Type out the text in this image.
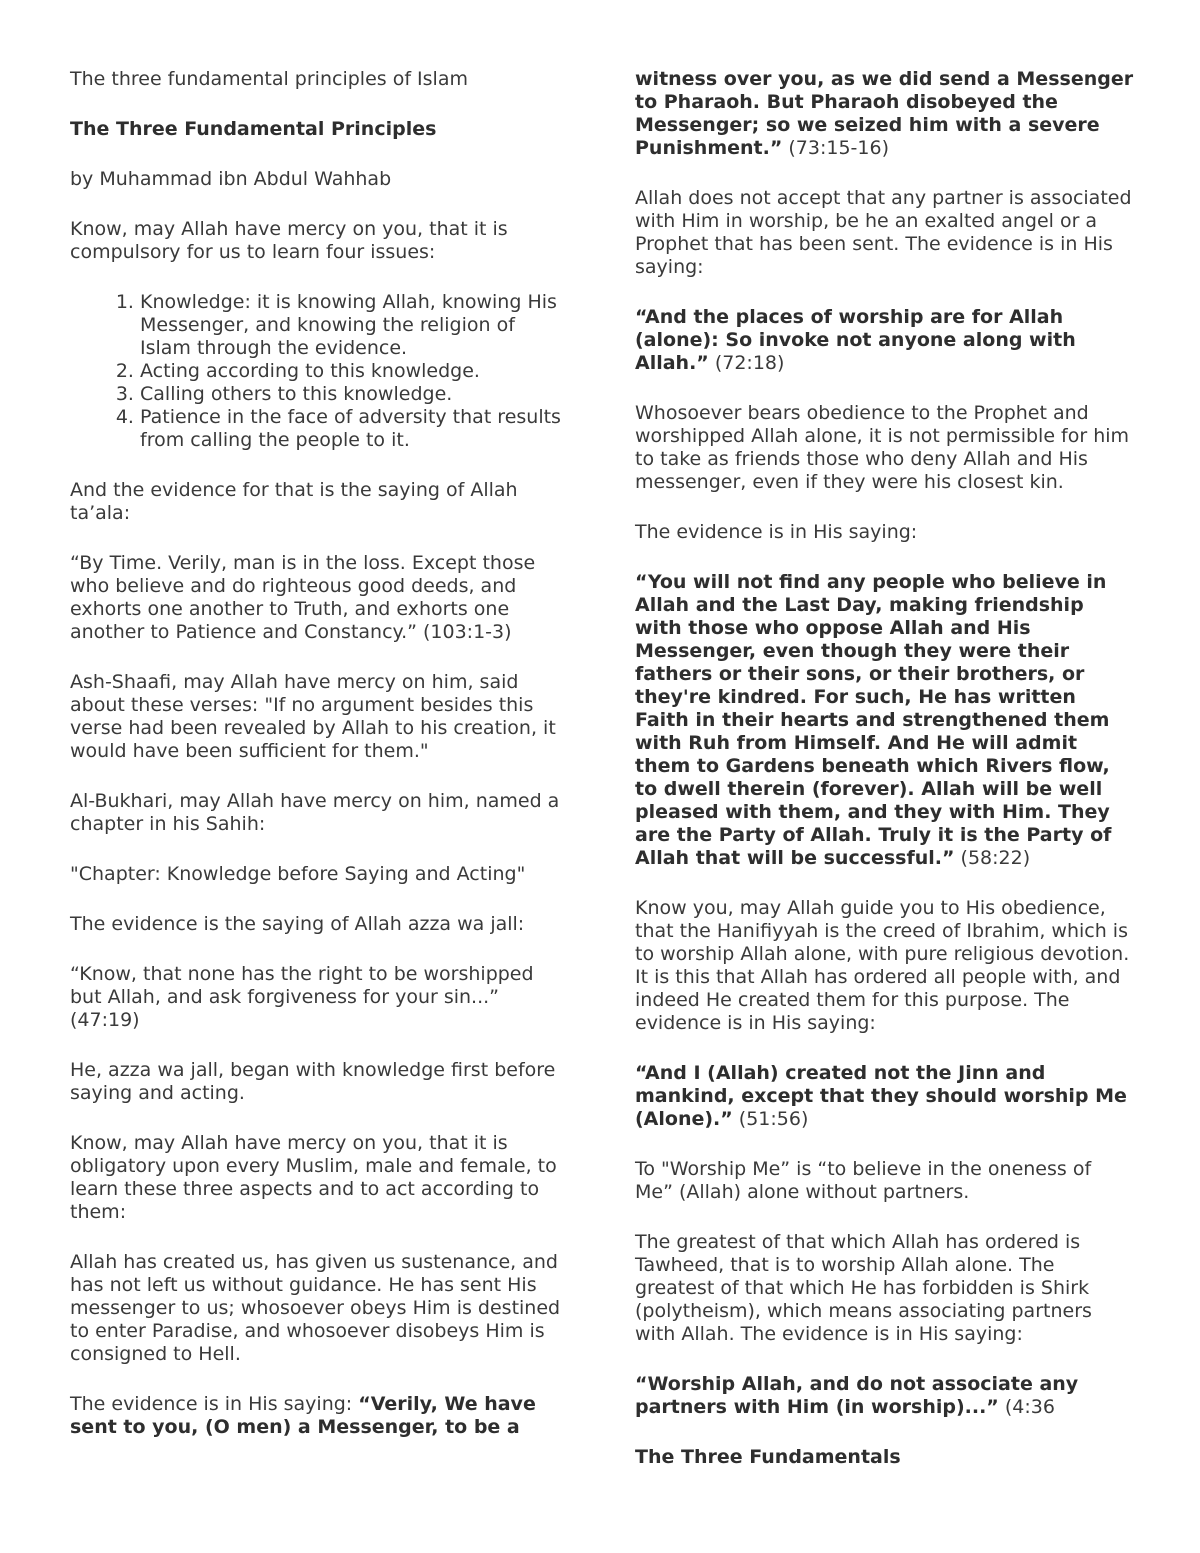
The three fundamental principles of Islam

The Three Fundamental Principles

by Muhammad ibn Abdul Wahhab

Know, may Allah have mercy on you, that it is compulsory for us to learn four issues:

1. Knowledge: it is knowing Allah, knowing His Messenger, and knowing the religion of Islam through the evidence.
2. Acting according to this knowledge.
3. Calling others to this knowledge.
4. Patience in the face of adversity that results from calling the people to it.

And the evidence for that is the saying of Allah ta’ala:

“By Time. Verily, man is in the loss. Except those who believe and do righteous good deeds, and exhorts one another to Truth, and exhorts one another to Patience and Constancy.” (103:1-3)

Ash-Shaafi, may Allah have mercy on him, said about these verses: "If no argument besides this verse had been revealed by Allah to his creation, it would have been sufficient for them."

Al-Bukhari, may Allah have mercy on him, named a chapter in his Sahih:

"Chapter: Knowledge before Saying and Acting"

The evidence is the saying of Allah azza wa jall:

“Know, that none has the right to be worshipped but Allah, and ask forgiveness for your sin...” (47:19)

He, azza wa jall, began with knowledge first before saying and acting.

Know, may Allah have mercy on you, that it is obligatory upon every Muslim, male and female, to learn these three aspects and to act according to them:

Allah has created us, has given us sustenance, and has not left us without guidance. He has sent His messenger to us; whosoever obeys Him is destined to enter Paradise, and whosoever disobeys Him is consigned to Hell.

The evidence is in His saying: “Verily, We have sent to you, (O men) a Messenger, to be a

witness over you, as we did send a Messenger to Pharaoh. But Pharaoh disobeyed the Messenger; so we seized him with a severe Punishment.” (73:15-16)

Allah does not accept that any partner is associated with Him in worship, be he an exalted angel or a Prophet that has been sent. The evidence is in His saying:

“And the places of worship are for Allah (alone): So invoke not anyone along with Allah.” (72:18)

Whosoever bears obedience to the Prophet and worshipped Allah alone, it is not permissible for him to take as friends those who deny Allah and His messenger, even if they were his closest kin.

The evidence is in His saying:

“You will not find any people who believe in Allah and the Last Day, making friendship with those who oppose Allah and His Messenger, even though they were their fathers or their sons, or their brothers, or they're kindred. For such, He has written Faith in their hearts and strengthened them with Ruh from Himself. And He will admit them to Gardens beneath which Rivers flow, to dwell therein (forever). Allah will be well pleased with them, and they with Him. They are the Party of Allah. Truly it is the Party of Allah that will be successful.” (58:22)

Know you, may Allah guide you to His obedience, that the Hanifiyyah is the creed of Ibrahim, which is to worship Allah alone, with pure religious devotion. It is this that Allah has ordered all people with, and indeed He created them for this purpose. The evidence is in His saying:

“And I (Allah) created not the Jinn and mankind, except that they should worship Me (Alone).” (51:56)

To "Worship Me” is “to believe in the oneness of Me” (Allah) alone without partners.

The greatest of that which Allah has ordered is Tawheed, that is to worship Allah alone. The greatest of that which He has forbidden is Shirk (polytheism), which means associating partners with Allah. The evidence is in His saying:

“Worship Allah, and do not associate any partners with Him (in worship)...” (4:36

The Three Fundamentals
